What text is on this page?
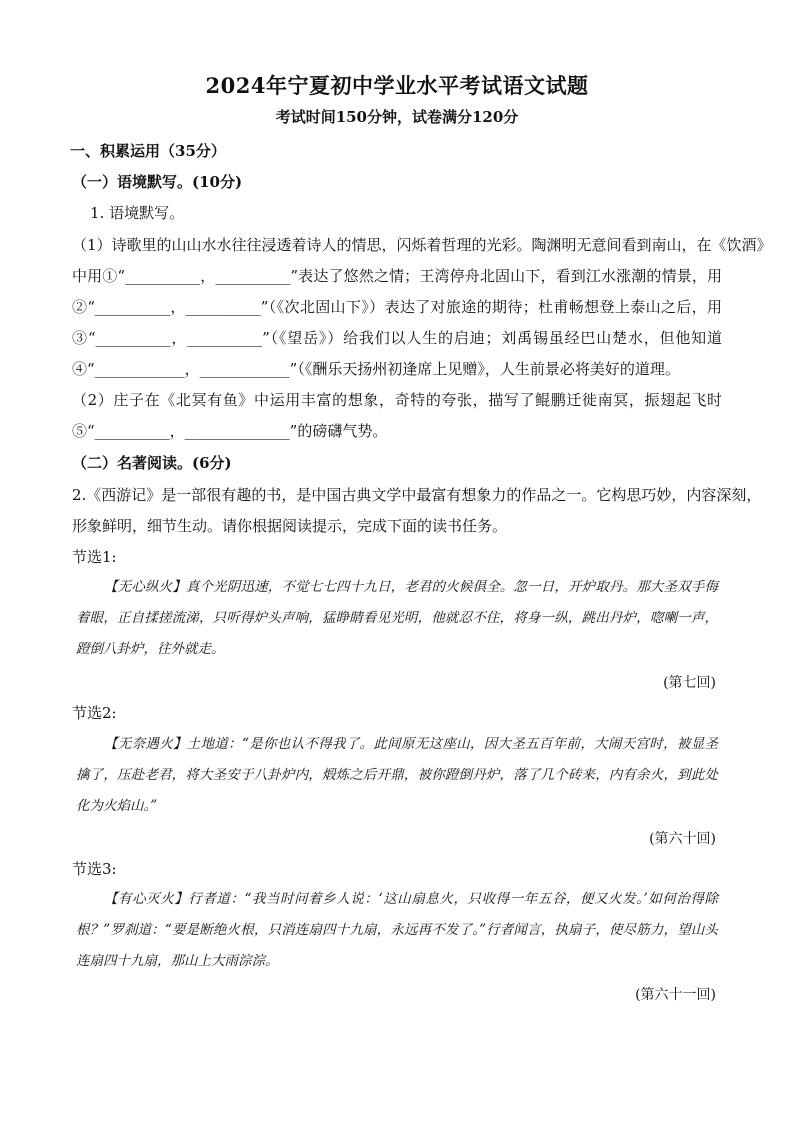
2024年宁夏初中学业水平考试语文试题
考试时间150分钟，试卷满分120分
一、积累运用（35分）
（一）语境默写。(10分)
1. 语境默写。
（1）诗歌里的山山水水往往浸透着诗人的情思，闪烁着哲理的光彩。陶渊明无意间看到南山，在《饮酒》
中用①“__________，__________”表达了悠然之情；王湾停舟北固山下，看到江水涨潮的情景，用
②“__________，__________”（《次北固山下》）表达了对旅途的期待；杜甫畅想登上泰山之后，用
③“__________，__________”（《望岳》）给我们以人生的启迪；刘禹锡虽经巴山楚水，但他知道
④“____________，____________”（《酬乐天扬州初逢席上见赠》，人生前景必将美好的道理。
（2）庄子在《北冥有鱼》中运用丰富的想象，奇特的夸张，描写了鲲鹏迁徙南冥，振翅起飞时
⑤“__________，______________”的磅礴气势。
（二）名著阅读。(6分)
2.《西游记》是一部很有趣的书，是中国古典文学中最富有想象力的作品之一。它构思巧妙，内容深刻，
形象鲜明，细节生动。请你根据阅读提示，完成下面的读书任务。
节选1:
【无心纵火】真个光阴迅速，不觉七七四十九日，老君的火候俱全。忽一日，开炉取丹。那大圣双手侮着眼，正自揉搓流涕，只听得炉头声响，猛睁睛看见光明，他就忍不住，将身一纵，跳出丹炉，唿喇一声，蹬倒八卦炉，往外就走。
(第七回)
节选2:
【无奈遇火】土地道：“是你也认不得我了。此间原无这座山，因大圣五百年前，大闹天宫时，被显圣擒了，压赴老君，将大圣安于八卦炉内，煅炼之后开鼎，被你蹬倒丹炉，落了几个砖来，内有余火，到此处化为火焰山。”
(第六十回)
节选3:
【有心灭火】行者道：“我当时问着乡人说：‘这山扇息火，只收得一年五谷，便又火发。’如何治得除根？”罗刹道：“要是断绝火根，只消连扇四十九扇，永远再不发了。”行者闻言，执扇子，使尽筋力，望山头连扇四十九扇，那山上大雨淙淙。
(第六十一回)
